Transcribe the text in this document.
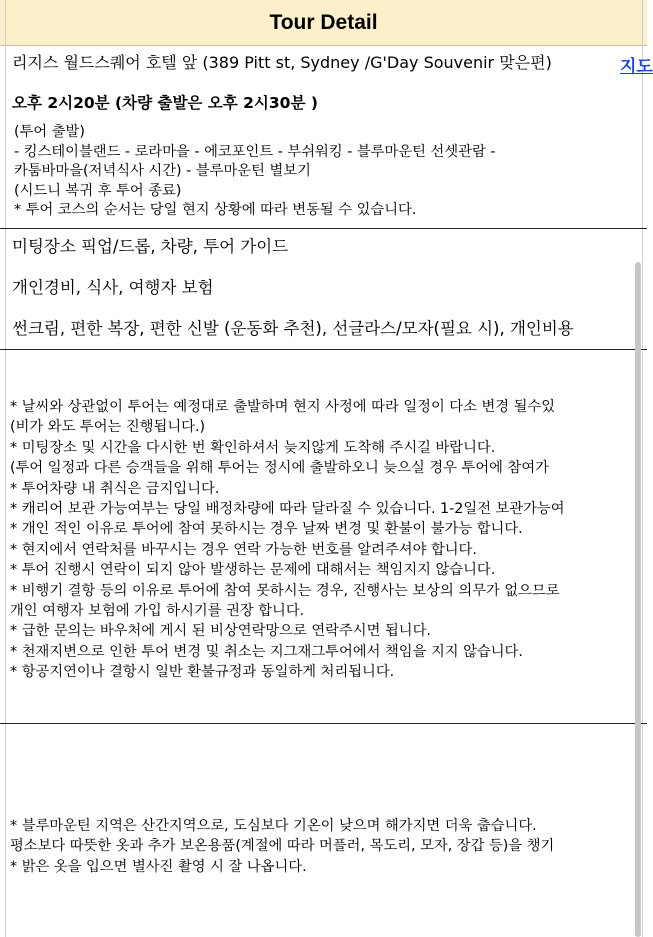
Tour Detail
리지스 월드스퀘어 호텔 앞 (389 Pitt st, Sydney /G'Day Souvenir 맞은편)	지도
오후 2시20분 (차량 출발은 오후 2시30분 )
(투어 출발)
- 킹스테이블랜드 - 로라마을 - 에코포인트 - 부쉬워킹 - 블루마운틴 선셋관람 -
카툼바마을(저녁식사 시간) - 블루마운틴 별보기
(시드니 복귀 후 투어 종료)
* 투어 코스의 순서는 당일 현지 상황에 따라 변동될 수 있습니다.
미팅장소 픽업/드롭, 차량, 투어 가이드
개인경비, 식사, 여행자 보험
썬크림, 편한 복장, 편한 신발 (운동화 추천), 선글라스/모자(필요 시), 개인비용
* 날씨와 상관없이 투어는 예정대로 출발하며 현지 사정에 따라 일정이 다소 변경 될수있
(비가 와도 투어는 진행됩니다.)
* 미팅장소 및 시간을 다시한 번 확인하셔서 늦지않게 도착해 주시길 바랍니다.
(투어 일정과 다른 승객들을 위해 투어는 정시에 출발하오니 늦으실 경우 투어에 참여가
* 투어차량 내 취식은 금지입니다.
* 캐리어 보관 가능여부는 당일 배정차량에 따라 달라질 수 있습니다. 1-2일전 보관가능여
* 개인 적인 이유로 투어에 참여 못하시는 경우 날짜 변경 및 환불이 불가능 합니다.
* 현지에서 연락처를 바꾸시는 경우 연락 가능한 번호를 알려주셔야 합니다.
* 투어 진행시 연락이 되지 않아 발생하는 문제에 대해서는 책임지지 않습니다.
* 비행기 결항 등의 이유로 투어에 참여 못하시는 경우, 진행사는 보상의 의무가 없으므로
개인 여행자 보험에 가입 하시기를 권장 합니다.
* 급한 문의는 바우처에 게시 된 비상연락망으로 연락주시면 됩니다.
* 천재지변으로 인한 투어 변경 및 취소는 지그재그투어에서 책임을 지지 않습니다.
* 항공지연이나 결항시 일반 환불규정과 동일하게 처리됩니다.
* 블루마운틴 지역은 산간지역으로, 도심보다 기온이 낮으며 해가지면 더욱 춥습니다.
평소보다 따뜻한 옷과 추가 보온용품(계절에 따라 머플러, 목도리, 모자, 장갑 등)을 챙기
* 밝은 옷을 입으면 별사진 촬영 시 잘 나옵니다.
